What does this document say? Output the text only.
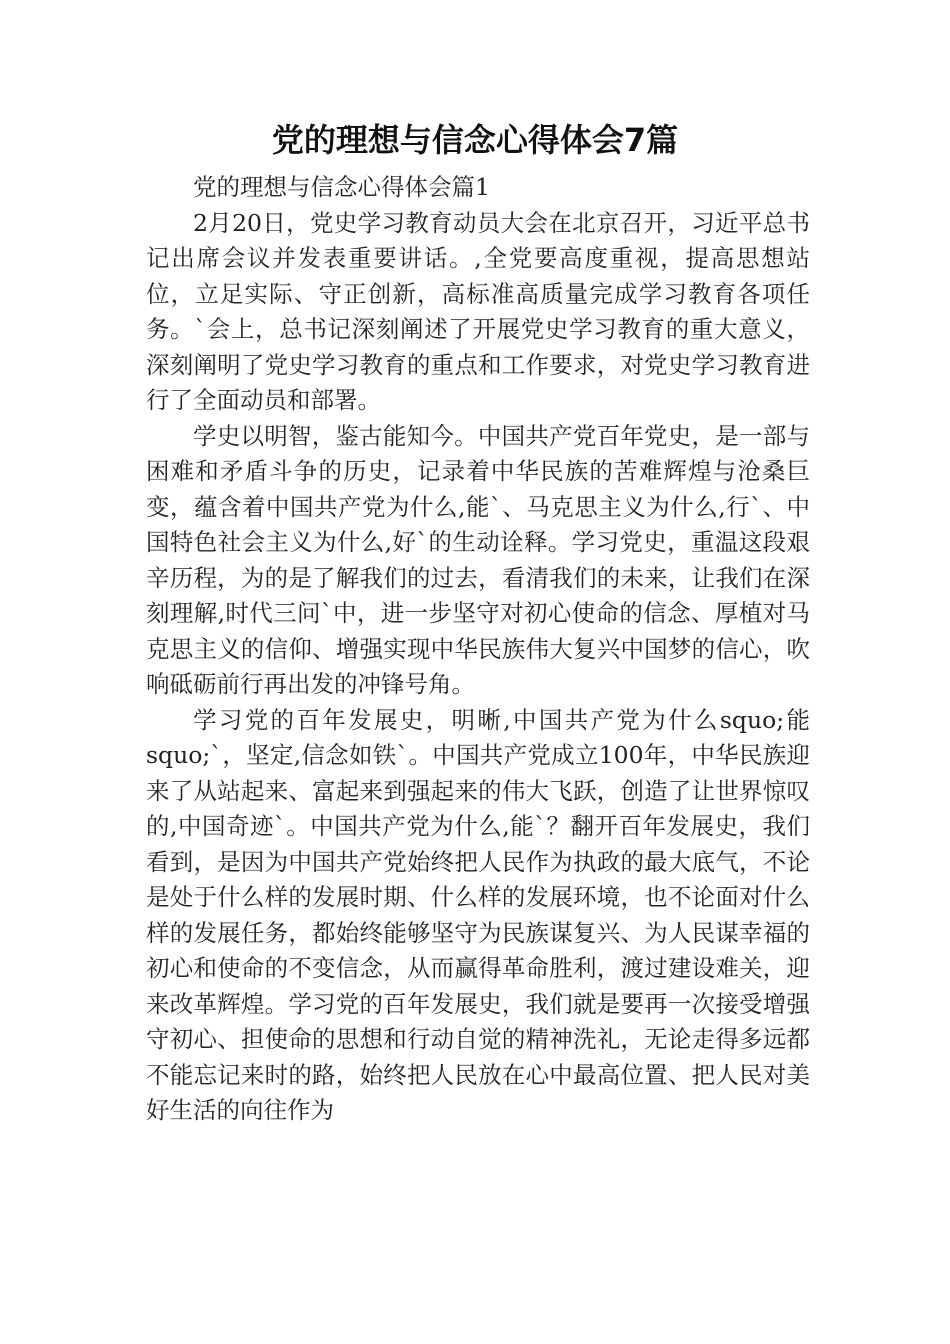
党的理想与信念心得体会7篇

党的理想与信念心得体会篇1

2月20日，党史学习教育动员大会在北京召开，习近平总书记出席会议并发表重要讲话。,全党要高度重视，提高思想站位，立足实际、守正创新，高标准高质量完成学习教育各项任务。`会上，总书记深刻阐述了开展党史学习教育的重大意义，深刻阐明了党史学习教育的重点和工作要求，对党史学习教育进行了全面动员和部署。

学史以明智，鉴古能知今。中国共产党百年党史，是一部与困难和矛盾斗争的历史，记录着中华民族的苦难辉煌与沧桑巨变，蕴含着中国共产党为什么,能`、马克思主义为什么,行`、中国特色社会主义为什么,好`的生动诠释。学习党史，重温这段艰辛历程，为的是了解我们的过去，看清我们的未来，让我们在深刻理解,时代三问`中，进一步坚守对初心使命的信念、厚植对马克思主义的信仰、增强实现中华民族伟大复兴中国梦的信心，吹响砥砺前行再出发的冲锋号角。

学习党的百年发展史，明晰,中国共产党为什么squo;能squo;`，坚定,信念如铁`。中国共产党成立100年，中华民族迎来了从站起来、富起来到强起来的伟大飞跃，创造了让世界惊叹的,中国奇迹`。中国共产党为什么,能`？翻开百年发展史，我们看到，是因为中国共产党始终把人民作为执政的最大底气，不论是处于什么样的发展时期、什么样的发展环境，也不论面对什么样的发展任务，都始终能够坚守为民族谋复兴、为人民谋幸福的初心和使命的不变信念，从而赢得革命胜利，渡过建设难关，迎来改革辉煌。学习党的百年发展史，我们就是要再一次接受增强守初心、担使命的思想和行动自觉的精神洗礼，无论走得多远都不能忘记来时的路，始终把人民放在心中最高位置、把人民对美好生活的向往作为
